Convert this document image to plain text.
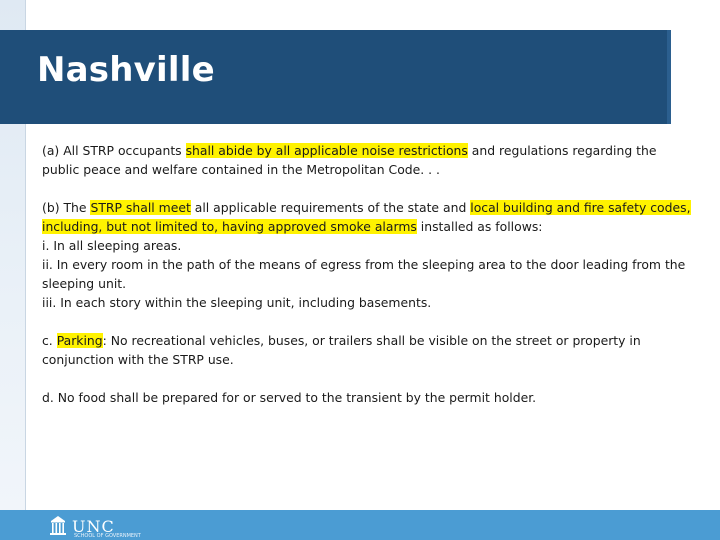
Nashville

(a) All STRP occupants shall abide by all applicable noise restrictions and regulations regarding the public peace and welfare contained in the Metropolitan Code. . .

(b) The STRP shall meet all applicable requirements of the state and local building and fire safety codes, including, but not limited to, having approved smoke alarms installed as follows:
i. In all sleeping areas.
ii. In every room in the path of the means of egress from the sleeping area to the door leading from the sleeping unit.
iii. In each story within the sleeping unit, including basements.

c. Parking: No recreational vehicles, buses, or trailers shall be visible on the street or property in conjunction with the STRP use.

d. No food shall be prepared for or served to the transient by the permit holder.

UNC
SCHOOL OF GOVERNMENT
